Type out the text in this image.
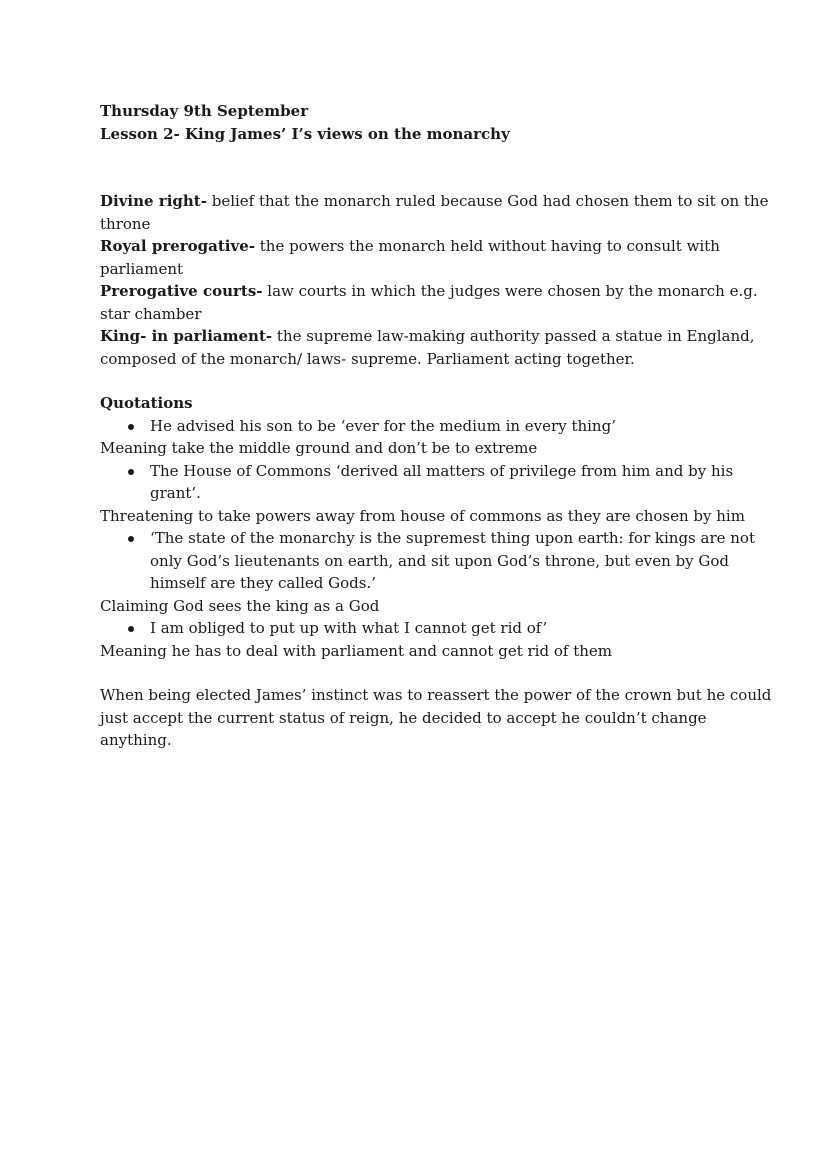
Thursday 9th September

Lesson 2- King James’ I’s views on the monarchy

Divine right- belief that the monarch ruled because God had chosen them to sit on the

throne

Royal prerogative- the powers the monarch held without having to consult with

parliament

Prerogative courts- law courts in which the judges were chosen by the monarch e.g.

star chamber

King- in parliament- the supreme law-making authority passed a statue in England,

composed of the monarch/ laws- supreme. Parliament acting together.

Quotations

He advised his son to be ‘ever for the medium in every thing’

Meaning take the middle ground and don’t be to extreme

The House of Commons ‘derived all matters of privilege from him and by his

grant’.

Threatening to take powers away from house of commons as they are chosen by him

‘The state of the monarchy is the supremest thing upon earth: for kings are not

only God’s lieutenants on earth, and sit upon God’s throne, but even by God

himself are they called Gods.’

Claiming God sees the king as a God

I am obliged to put up with what I cannot get rid of’

Meaning he has to deal with parliament and cannot get rid of them

When being elected James’ instinct was to reassert the power of the crown but he could

just accept the current status of reign, he decided to accept he couldn’t change

anything.
